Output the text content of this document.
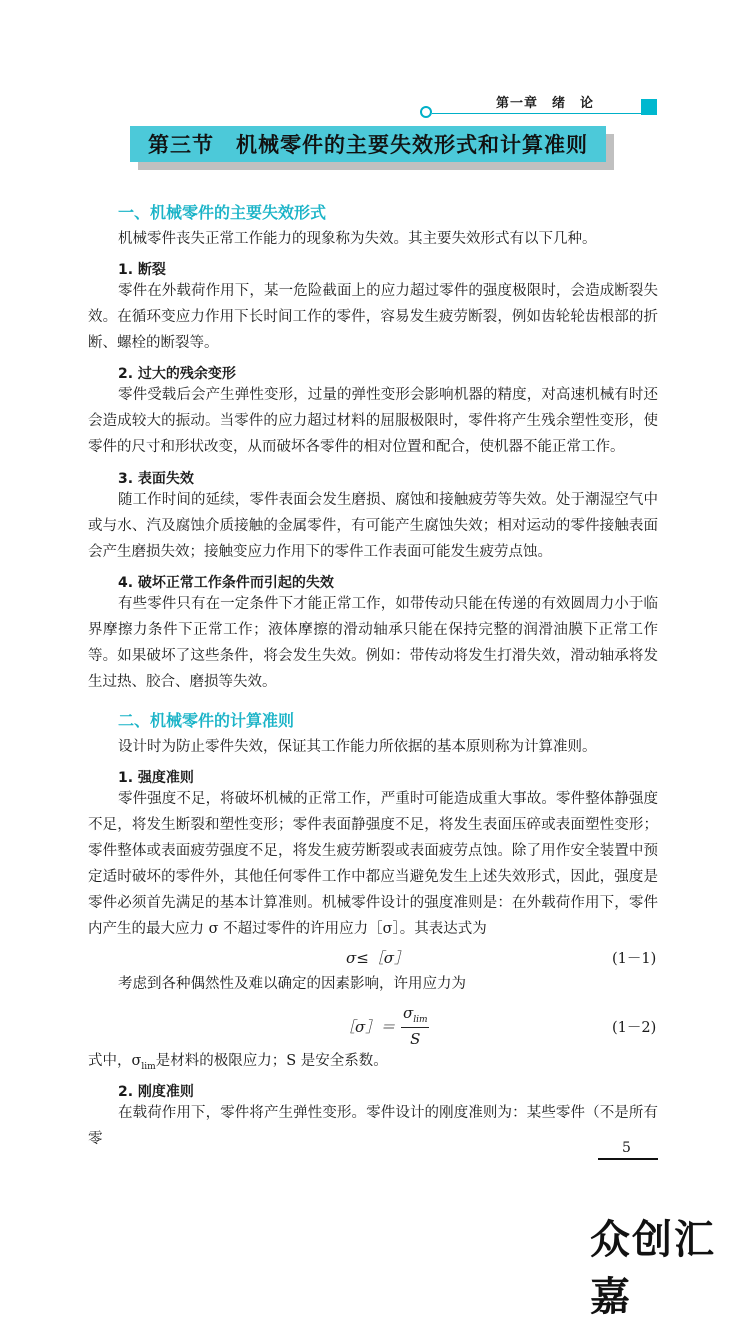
第一章　绪　论
第三节　机械零件的主要失效形式和计算准则
一、机械零件的主要失效形式
机械零件丧失正常工作能力的现象称为失效。其主要失效形式有以下几种。
1. 断裂
零件在外载荷作用下，某一危险截面上的应力超过零件的强度极限时，会造成断裂失效。在循环变应力作用下长时间工作的零件，容易发生疲劳断裂，例如齿轮轮齿根部的折断、螺栓的断裂等。
2. 过大的残余变形
零件受载后会产生弹性变形，过量的弹性变形会影响机器的精度，对高速机械有时还会造成较大的振动。当零件的应力超过材料的屈服极限时，零件将产生残余塑性变形，使零件的尺寸和形状改变，从而破坏各零件的相对位置和配合，使机器不能正常工作。
3. 表面失效
随工作时间的延续，零件表面会发生磨损、腐蚀和接触疲劳等失效。处于潮湿空气中或与水、汽及腐蚀介质接触的金属零件，有可能产生腐蚀失效；相对运动的零件接触表面会产生磨损失效；接触变应力作用下的零件工作表面可能发生疲劳点蚀。
4. 破坏正常工作条件而引起的失效
有些零件只有在一定条件下才能正常工作，如带传动只能在传递的有效圆周力小于临界摩擦力条件下正常工作；液体摩擦的滑动轴承只能在保持完整的润滑油膜下正常工作等。如果破坏了这些条件，将会发生失效。例如：带传动将发生打滑失效，滑动轴承将发生过热、胶合、磨损等失效。
二、机械零件的计算准则
设计时为防止零件失效，保证其工作能力所依据的基本原则称为计算准则。
1. 强度准则
零件强度不足，将破坏机械的正常工作，严重时可能造成重大事故。零件整体静强度不足，将发生断裂和塑性变形；零件表面静强度不足，将发生表面压碎或表面塑性变形；零件整体或表面疲劳强度不足，将发生疲劳断裂或表面疲劳点蚀。除了用作安全装置中预定适时破坏的零件外，其他任何零件工作中都应当避免发生上述失效形式，因此，强度是零件必须首先满足的基本计算准则。机械零件设计的强度准则是：在外载荷作用下，零件内产生的最大应力 σ 不超过零件的许用应力［σ］。其表达式为
σ≤［σ］	(1－1)
考虑到各种偶然性及难以确定的因素影响，许用应力为
［σ］＝ $\frac{\sigma_{lim}}{S}$	(1－2)
式中，$\sigma_{lim}$是材料的极限应力；S 是安全系数。
2. 刚度准则
在载荷作用下，零件将产生弹性变形。零件设计的刚度准则为：某些零件（不是所有零
5
众创汇嘉
